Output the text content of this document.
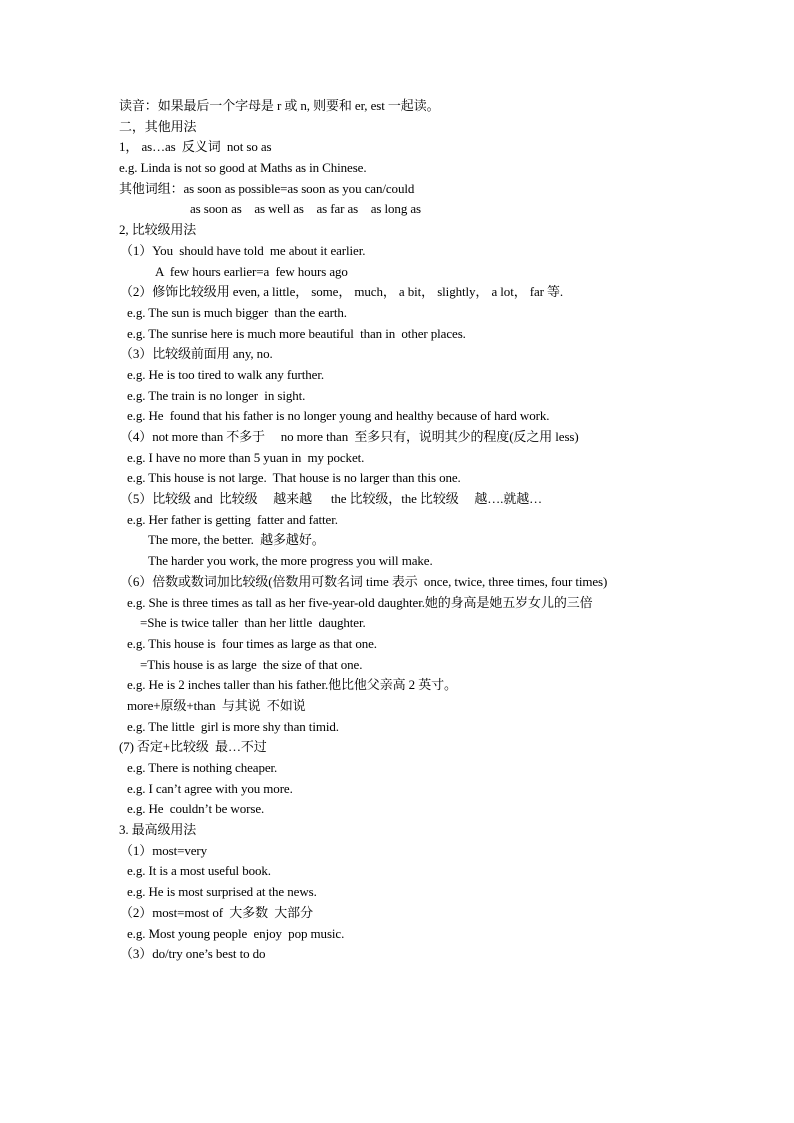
读音：如果最后一个字母是 r 或 n, 则要和 er, est 一起读。
二，其他用法
1， as…as  反义词  not so as
e.g. Linda is not so good at Maths as in Chinese.
其他词组：as soon as possible=as soon as you can/could
as soon as    as well as    as far as    as long as
2, 比较级用法
（1）You  should have told  me about it earlier.
A  few hours earlier=a  few hours ago
（2）修饰比较级用 even, a little， some， much， a bit， slightly， a lot， far 等.
e.g. The sun is much bigger  than the earth.
e.g. The sunrise here is much more beautiful  than in  other places.
（3）比较级前面用 any, no.
e.g. He is too tired to walk any further.
e.g. The train is no longer  in sight.
e.g. He  found that his father is no longer young and healthy because of hard work.
（4）not more than 不多于     no more than  至多只有，说明其少的程度(反之用 less)
e.g. I have no more than 5 yuan in  my pocket.
e.g. This house is not large.  That house is no larger than this one.
（5）比较级 and  比较级     越来越      the 比较级，the 比较级     越….就越…
e.g. Her father is getting  fatter and fatter.
The more, the better.  越多越好。
The harder you work, the more progress you will make.
（6）倍数或数词加比较级(倍数用可数名词 time 表示  once, twice, three times, four times)
e.g. She is three times as tall as her five-year-old daughter.她的身高是她五岁女儿的三倍
=She is twice taller  than her little  daughter.
e.g. This house is  four times as large as that one.
=This house is as large  the size of that one.
e.g. He is 2 inches taller than his father.他比他父亲高 2 英寸。
more+原级+than  与其说  不如说
e.g. The little  girl is more shy than timid.
(7) 否定+比较级  最…不过
e.g. There is nothing cheaper.
e.g. I can’t agree with you more.
e.g. He  couldn’t be worse.
3. 最高级用法
（1）most=very
e.g. It is a most useful book.
e.g. He is most surprised at the news.
（2）most=most of  大多数  大部分
e.g. Most young people  enjoy  pop music.
（3）do/try one’s best to do
